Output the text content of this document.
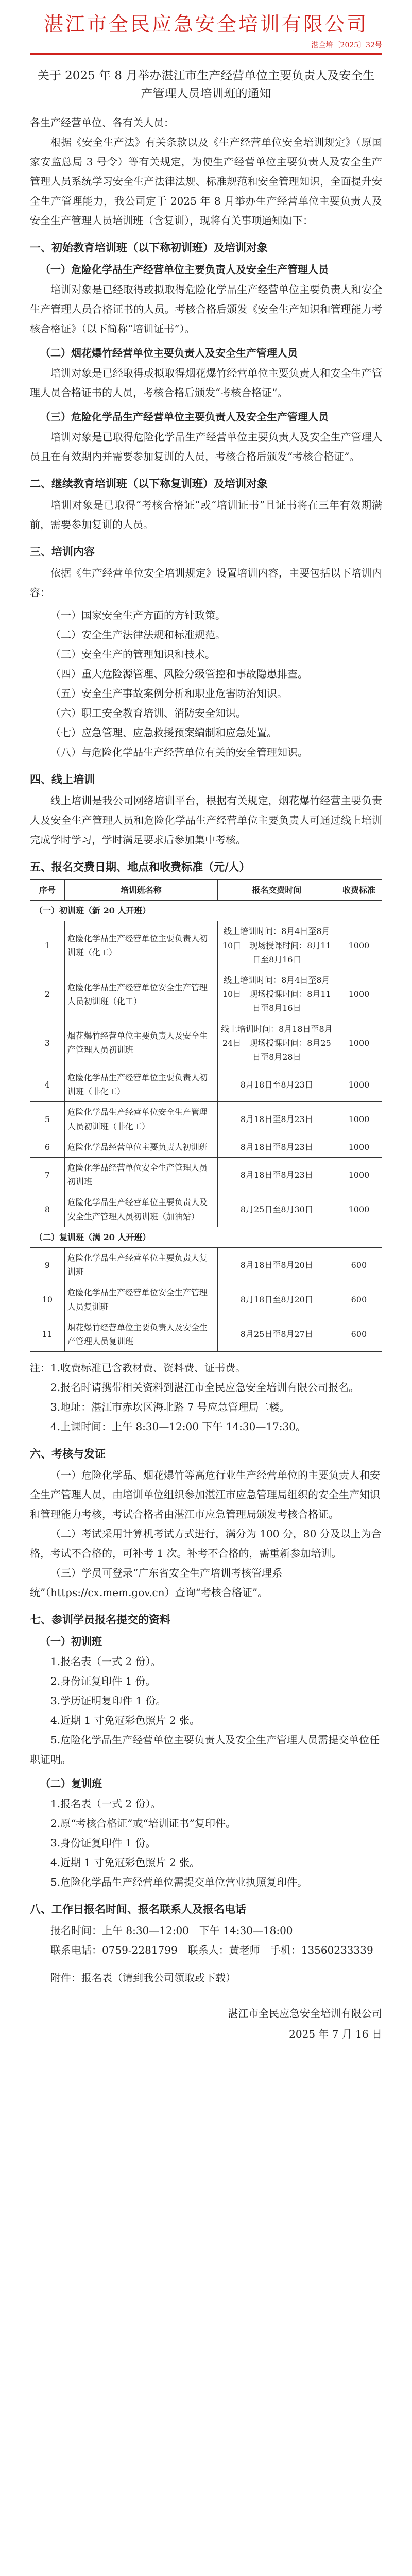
湛江市全民应急安全培训有限公司
湛全培〔2025〕32号
关于 2025 年 8 月举办湛江市生产经营单位主要负责人及安全生产管理人员培训班的通知
各生产经营单位、各有关人员：

根据《安全生产法》有关条款以及《生产经营单位安全培训规定》（原国家安监总局 3 号令）等有关规定，为使生产经营单位主要负责人及安全生产管理人员系统学习安全生产法律法规、标准规范和安全管理知识，全面提升安全生产管理能力，我公司定于 2025 年 8 月举办生产经营单位主要负责人及安全生产管理人员培训班（含复训），现将有关事项通知如下：

一、初始教育培训班（以下称初训班）及培训对象
（一）危险化学品生产经营单位主要负责人及安全生产管理人员

培训对象是已经取得或拟取得危险化学品生产经营单位主要负责人和安全生产管理人员合格证书的人员。考核合格后颁发《安全生产知识和管理能力考核合格证》（以下简称“培训证书”）。

（二）烟花爆竹经营单位主要负责人及安全生产管理人员

培训对象是已经取得或拟取得烟花爆竹经营单位主要负责人和安全生产管理人员合格证书的人员，考核合格后颁发“考核合格证”。

（三）危险化学品生产经营单位主要负责人及安全生产管理人员

培训对象是已取得危险化学品生产经营单位主要负责人及安全生产管理人员且在有效期内并需要参加复训的人员，考核合格后颁发“考核合格证”。

二、继续教育培训班（以下称复训班）及培训对象

培训对象是已取得“考核合格证”或“培训证书”且证书将在三年有效期满前，需要参加复训的人员。

三、培训内容

依据《生产经营单位安全培训规定》设置培训内容，主要包括以下培训内容：

（一）国家安全生产方面的方针政策。

（二）安全生产法律法规和标准规范。

（三）安全生产的管理知识和技术。

（四）重大危险源管理、风险分级管控和事故隐患排查。

（五）安全生产事故案例分析和职业危害防治知识。

（六）职工安全教育培训、消防安全知识。

（七）应急管理、应急救援预案编制和应急处置。

（八）与危险化学品生产经营单位有关的安全管理知识。

四、线上培训

线上培训是我公司网络培训平台，根据有关规定，烟花爆竹经营主要负责人及安全生产管理人员和危险化学品生产经营单位主要负责人可通过线上培训完成学时学习，学时满足要求后参加集中考核。

五、报名交费日期、地点和收费标准（元/人）
序号	培训班名称	报名交费时间	收费标准
（一）初训班（新 20 人开班）			
1	危险化学品生产经营单位主要负责人初训班（化工）	线上培训时间：8月4日至8月10日　现场授课时间：8月11日至8月16日	1000
2	危险化学品生产经营单位安全生产管理人员初训班（化工）	线上培训时间：8月4日至8月10日　现场授课时间：8月11日至8月16日	1000
3	烟花爆竹经营单位主要负责人及安全生产管理人员初训班	线上培训时间：8月18日至8月24日　现场授课时间：8月25日至8月28日	1000
4	危险化学品生产经营单位主要负责人初训班（非化工）	8月18日至8月23日	1000
5	危险化学品生产经营单位安全生产管理人员初训班（非化工）	8月18日至8月23日	1000
6	危险化学品经营单位主要负责人初训班	8月18日至8月23日	1000
7	危险化学品经营单位安全生产管理人员初训班	8月18日至8月23日	1000
8	危险化学品生产经营单位主要负责人及安全生产管理人员初训班（加油站）	8月25日至8月30日	1000
（二）复训班（满 20 人开班）			
9	危险化学品生产经营单位主要负责人复训班	8月18日至8月20日	600
10	危险化学品生产经营单位安全生产管理人员复训班	8月18日至8月20日	600
11	烟花爆竹经营单位主要负责人及安全生产管理人员复训班	8月25日至8月27日	600

注：1.收费标准已含教材费、资料费、证书费。

2.报名时请携带相关资料到湛江市全民应急安全培训有限公司报名。

3.地址：湛江市赤坎区海北路 7 号应急管理局二楼。

4.上课时间：上午 8:30—12:00 下午 14:30—17:30。

六、考核与发证

（一）危险化学品、烟花爆竹等高危行业生产经营单位的主要负责人和安全生产管理人员，由培训单位组织参加湛江市应急管理局组织的安全生产知识和管理能力考核，考试合格者由湛江市应急管理局颁发考核合格证。

（二）考试采用计算机考试方式进行，满分为 100 分，80 分及以上为合格，考试不合格的，可补考 1 次。补考不合格的，需重新参加培训。

（三）学员可登录“广东省安全生产培训考核管理系统”（https://cx.mem.gov.cn）查询“考核合格证”。

七、参训学员报名提交的资料
（一）初训班

1.报名表（一式 2 份）。

2.身份证复印件 1 份。

3.学历证明复印件 1 份。

4.近期 1 寸免冠彩色照片 2 张。

5.危险化学品生产经营单位主要负责人及安全生产管理人员需提交单位任职证明。

（二）复训班

1.报名表（一式 2 份）。

2.原“考核合格证”或“培训证书”复印件。

3.身份证复印件 1 份。

4.近期 1 寸免冠彩色照片 2 张。

5.危险化学品生产经营单位需提交单位营业执照复印件。

八、工作日报名时间、报名联系人及报名电话

报名时间：上午 8:30—12:00　下午 14:30—18:00

联系电话：0759-2281799　联系人：黄老师　手机：13560233339

附件：报名表（请到我公司领取或下载）

湛江市全民应急安全培训有限公司
2025 年 7 月 16 日
